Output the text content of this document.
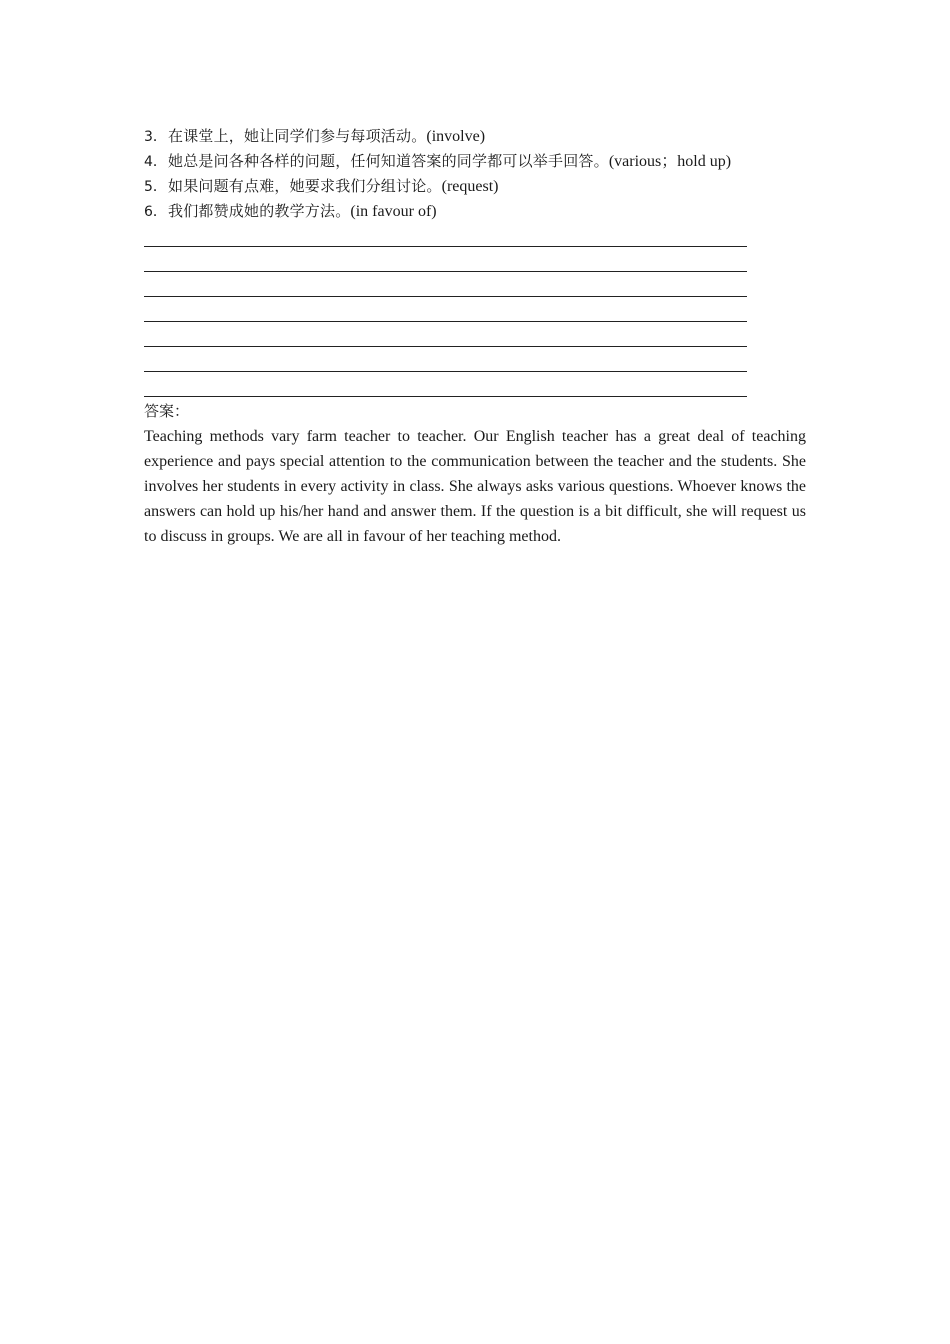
3．在课堂上，她让同学们参与每项活动。(involve)
4．她总是问各种各样的问题，任何知道答案的同学都可以举手回答。(various；hold up)
5．如果问题有点难，她要求我们分组讨论。(request)
6．我们都赞成她的教学方法。(in favour of)
答案：
Teaching methods vary farm teacher to teacher. Our English teacher has a great deal of teaching experience and pays special attention to the communication between the teacher and the students. She involves her students in every activity in class. She always asks various questions. Whoever knows the answers can hold up his/her hand and answer them. If the question is a bit difficult, she will request us to discuss in groups. We are all in favour of her teaching method.
